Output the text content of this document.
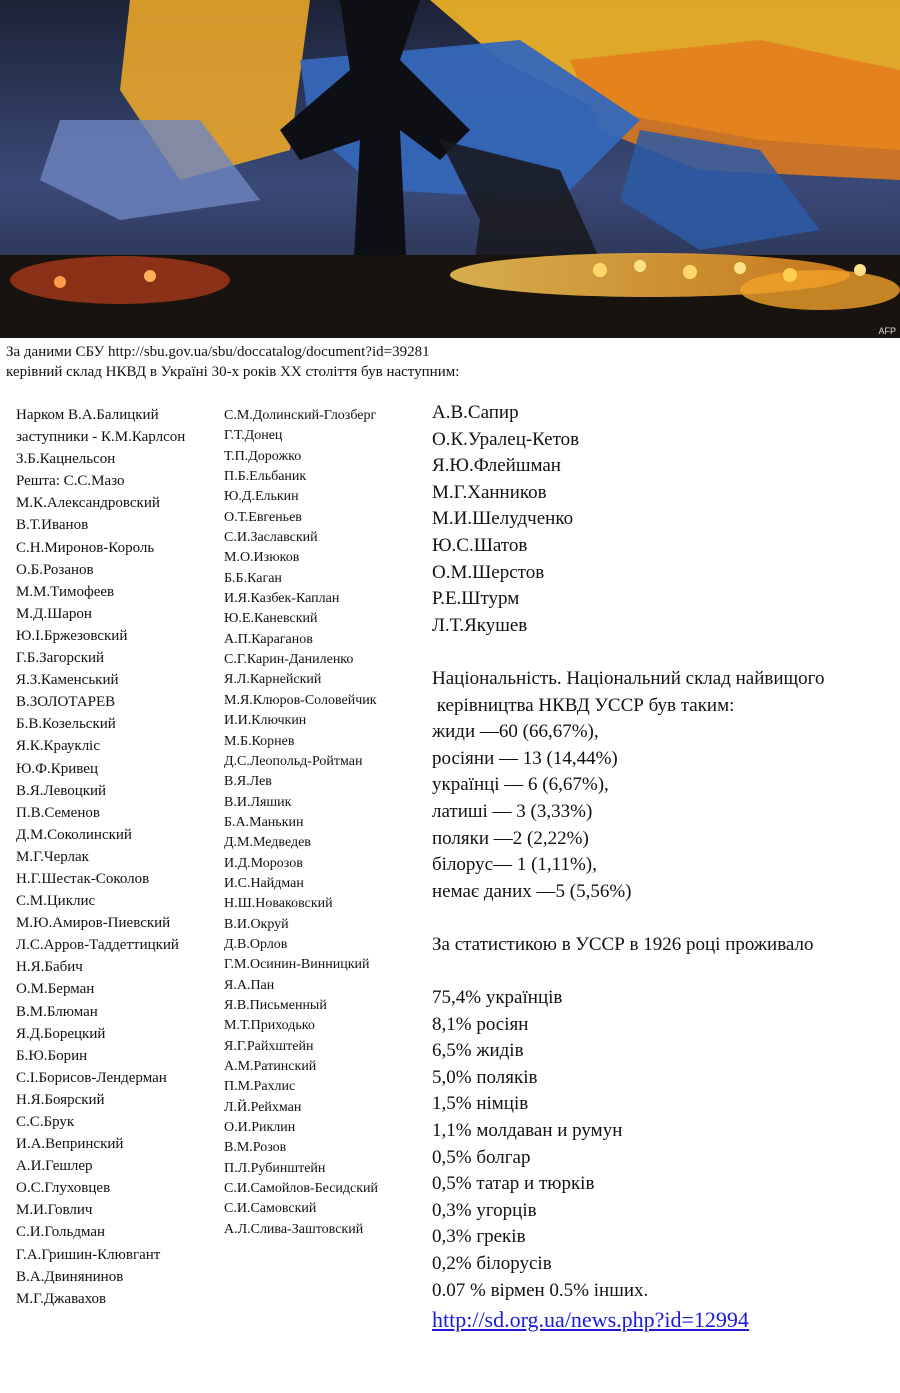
AFP
За даними СБУ http://sbu.gov.ua/sbu/doccatalog/document?id=39281
керівний склад НКВД в Україні 30-х років XX століття був наступним:
Нарком В.А.Балицкий
заступники - К.М.Карлсон
З.Б.Кацнельсон
Решта: С.С.Мазо
М.К.Александровский
В.Т.Иванов
С.Н.Миронов-Король
О.Б.Розанов
М.М.Тимофеев
М.Д.Шарон
Ю.I.Бржезовский
Г.Б.Загорский
Я.З.Каменський
В.ЗОЛОТАРЕВ
Б.В.Козельский
Я.К.Краукліс
Ю.Ф.Кривец
В.Я.Левоцкий
П.В.Семенов
Д.М.Соколинский
М.Г.Черлак
Н.Г.Шестак-Соколов
С.М.Циклис
М.Ю.Амиров-Пиевский
Л.С.Арров-Таддеттицкий
Н.Я.Бабич
О.М.Берман
В.М.Блюман
Я.Д.Борецкий
Б.Ю.Борин
С.I.Борисов-Лендерман
Н.Я.Боярский
С.С.Брук
И.А.Вепринский
А.И.Гешлер
О.С.Глуховцев
М.И.Говлич
С.И.Гольдман
Г.А.Гришин-Клювгант
В.А.Двинянинов
М.Г.Джавахов
С.М.Долинский-Глозберг
Г.Т.Донец
Т.П.Дорожко
П.Б.Ельбаник
Ю.Д.Елькин
О.Т.Евгеньев
С.И.Заславский
М.О.Изюков
Б.Б.Каган
И.Я.Казбек-Каплан
Ю.Е.Каневский
А.П.Караганов
С.Г.Карин-Даниленко
Я.Л.Карнейский
М.Я.Клюров-Соловейчик
И.И.Ключкин
М.Б.Корнев
Д.С.Леопольд-Ройтман
В.Я.Лев
В.И.Ляшик
Б.А.Манькин
Д.М.Медведев
И.Д.Морозов
И.С.Найдман
Н.Ш.Новаковский
В.И.Окруй
Д.В.Орлов
Г.М.Осинин-Винницкий
Я.А.Пан
Я.В.Письменный
М.Т.Приходько
Я.Г.Райхштейн
А.М.Ратинский
П.М.Рахлис
Л.Й.Рейхман
О.И.Риклин
В.М.Розов
П.Л.Рубинштейн
С.И.Самойлов-Бесидский
С.И.Самовский
А.Л.Слива-Заштовский
А.В.Сапир
О.К.Уралец-Кетов
Я.Ю.Флейшман
М.Г.Ханников
М.И.Шелудченко
Ю.С.Шатов
О.М.Шерстов
Р.Е.Штурм
Л.Т.Якушев
Національність. Національний склад найвищого
керівництва НКВД УССР був таким:
жиди —60 (66,67%),
росіяни — 13 (14,44%)
українці — 6 (6,67%),
латиші — 3 (3,33%)
поляки —2 (2,22%)
білорус— 1 (1,11%),
немає даних —5 (5,56%)
За статистикою в УССР в 1926 році проживало
75,4% українців
8,1% росіян
6,5% жидів
5,0% поляків
1,5% німців
1,1% молдаван и румун
0,5% болгар
0,5% татар и тюрків
0,3% угорців
0,3% греків
0,2% білорусів
0.07 % вірмен 0.5% інших.
http://sd.org.ua/news.php?id=12994
